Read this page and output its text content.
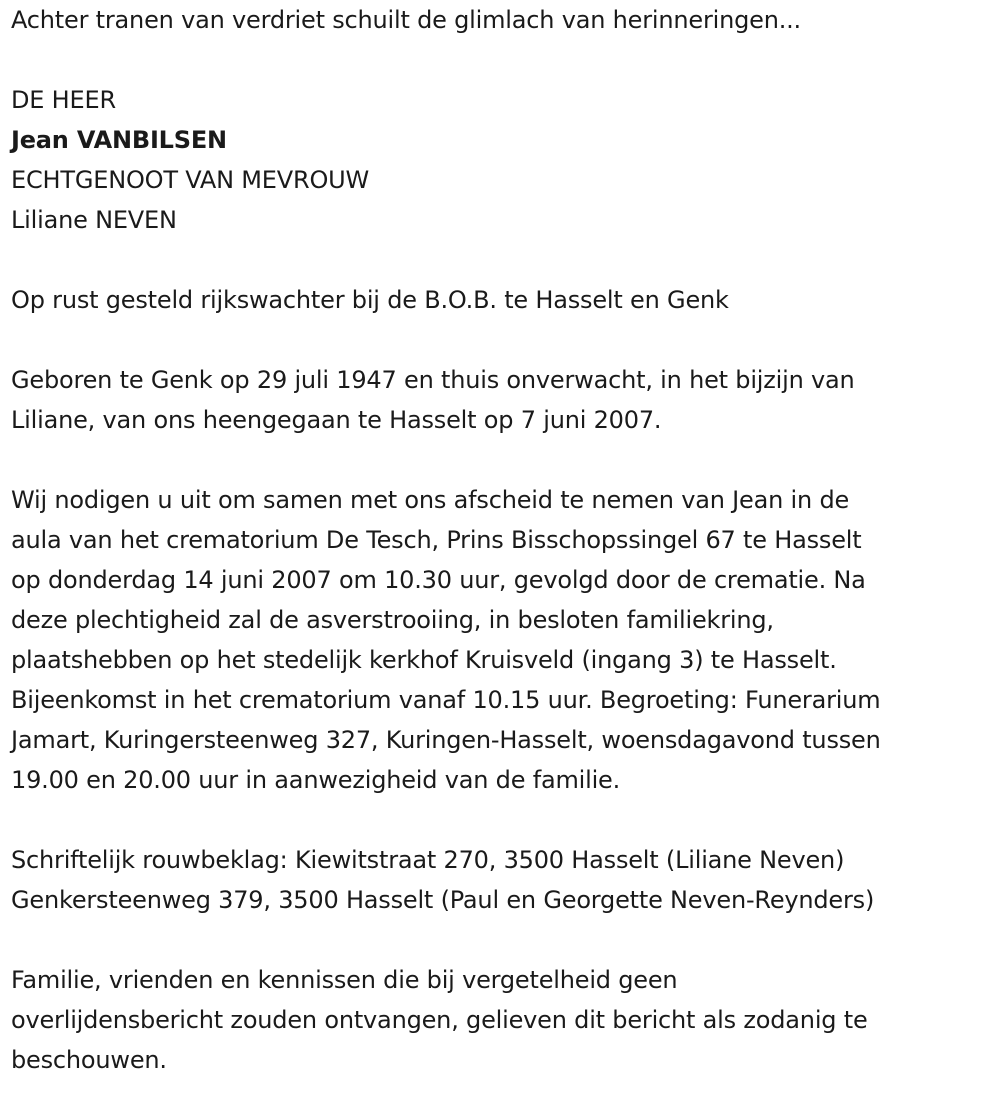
Achter tranen van verdriet schuilt de glimlach van herinneringen...
DE HEER
Jean VANBILSEN
ECHTGENOOT VAN MEVROUW
Liliane NEVEN
Op rust gesteld rijkswachter bij de B.O.B. te Hasselt en Genk
Geboren te Genk op 29 juli 1947 en thuis onverwacht, in het bijzijn van
Liliane, van ons heengegaan te Hasselt op 7 juni 2007.
Wij nodigen u uit om samen met ons afscheid te nemen van Jean in de
aula van het crematorium De Tesch, Prins Bisschopssingel 67 te Hasselt
op donderdag 14 juni 2007 om 10.30 uur, gevolgd door de crematie. Na
deze plechtigheid zal de asverstrooiing, in besloten familiekring,
plaatshebben op het stedelijk kerkhof Kruisveld (ingang 3) te Hasselt.
Bijeenkomst in het crematorium vanaf 10.15 uur. Begroeting: Funerarium
Jamart, Kuringersteenweg 327, Kuringen-Hasselt, woensdagavond tussen
19.00 en 20.00 uur in aanwezigheid van de familie.
Schriftelijk rouwbeklag: Kiewitstraat 270, 3500 Hasselt (Liliane Neven)
Genkersteenweg 379, 3500 Hasselt (Paul en Georgette Neven-Reynders)
Familie, vrienden en kennissen die bij vergetelheid geen
overlijdensbericht zouden ontvangen, gelieven dit bericht als zodanig te
beschouwen.
